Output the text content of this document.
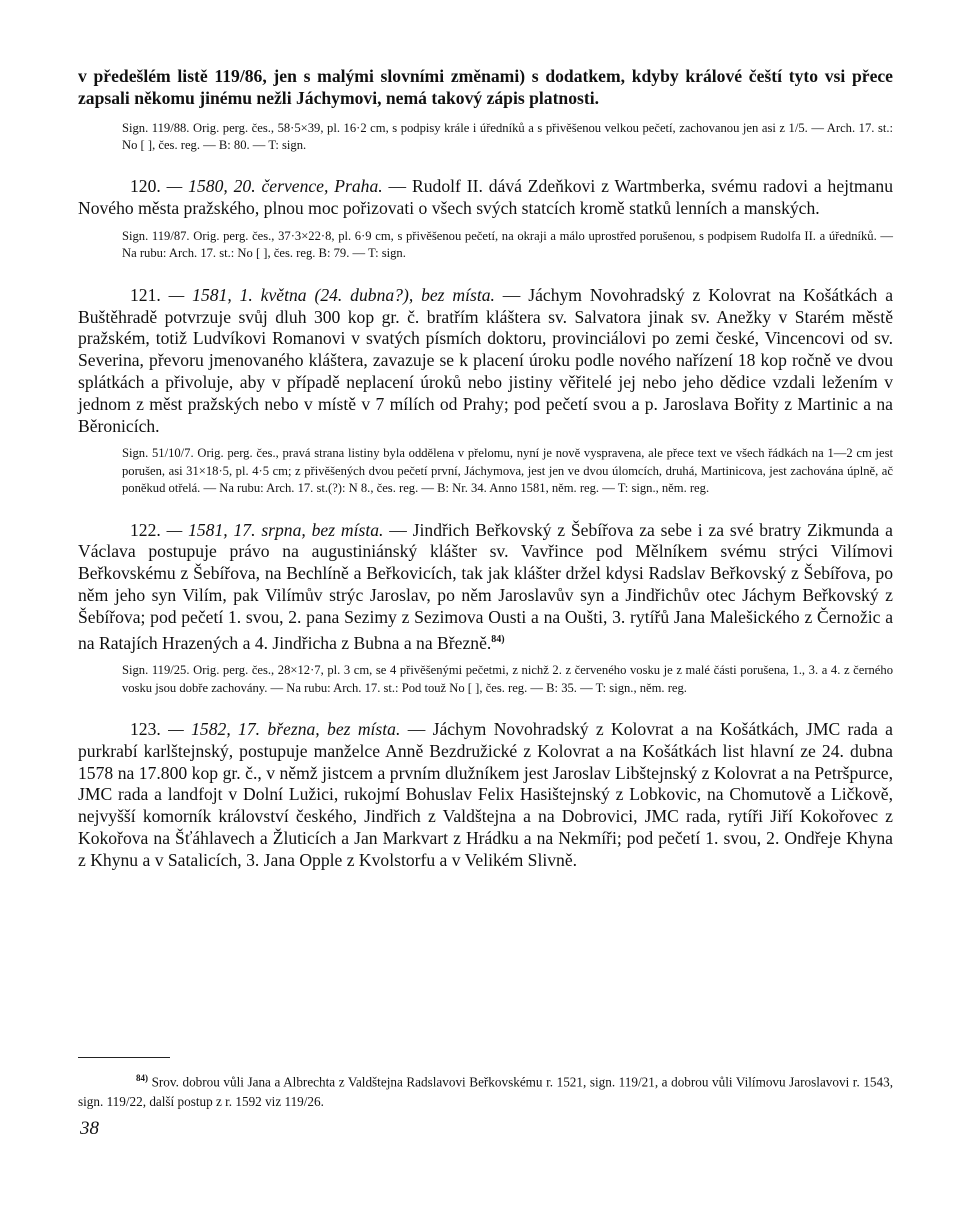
v předešlém listě 119/86, jen s malými slovními změnami) s dodatkem, kdyby králové čeští tyto vsi přece zapsali někomu jinému nežli Jáchymovi, nemá takový zápis platnosti.

Sign. 119/88. Orig. perg. čes., 58·5×39, pl. 16·2 cm, s podpisy krále i úředníků a s přivěšenou velkou pečetí, zachovanou jen asi z 1/5. — Arch. 17. st.: No [ ], čes. reg. — B: 80. — T: sign.

120. — 1580, 20. července, Praha. — Rudolf II. dává Zdeňkovi z Wartmberka, svému radovi a hejtmanu Nového města pražského, plnou moc pořizovati o všech svých statcích kromě statků lenních a manských.

Sign. 119/87. Orig. perg. čes., 37·3×22·8, pl. 6·9 cm, s přivěšenou pečetí, na okraji a málo uprostřed porušenou, s podpisem Rudolfa II. a úředníků. — Na rubu: Arch. 17. st.: No [ ], čes. reg. B: 79. — T: sign.

121. — 1581, 1. května (24. dubna?), bez místa. — Jáchym Novohradský z Kolovrat na Košátkách a Buštěhradě potvrzuje svůj dluh 300 kop gr. č. bratřím kláštera sv. Salvatora jinak sv. Anežky v Starém městě pražském, totiž Ludvíkovi Romanovi v svatých písmích doktoru, provinciálovi po zemi české, Vincencovi od sv. Severina, převoru jmenovaného kláštera, zavazuje se k placení úroku podle nového nařízení 18 kop ročně ve dvou splátkách a přivoluje, aby v případě neplacení úroků nebo jistiny věřitelé jej nebo jeho dědice vzdali ležením v jednom z měst pražských nebo v místě v 7 mílích od Prahy; pod pečetí svou a p. Jaroslava Bořity z Martinic a na Běronicích.

Sign. 51/10/7. Orig. perg. čes., pravá strana listiny byla oddělena v přelomu, nyní je nově vyspravena, ale přece text ve všech řádkách na 1—2 cm jest porušen, asi 31×18·5, pl. 4·5 cm; z přivěšených dvou pečetí první, Jáchymova, jest jen ve dvou úlomcích, druhá, Martinicova, jest zachována úplně, ač poněkud otřelá. — Na rubu: Arch. 17. st.(?): N 8., čes. reg. — B: Nr. 34. Anno 1581, něm. reg. — T: sign., něm. reg.

122. — 1581, 17. srpna, bez místa. — Jindřich Beřkovský z Šebířova za sebe i za své bratry Zikmunda a Václava postupuje právo na augustiniánský klášter sv. Vavřince pod Mělníkem svému strýci Vilímovi Beřkovskému z Šebířova, na Bechlíně a Beřkovicích, tak jak klášter držel kdysi Radslav Beřkovský z Šebířova, po něm jeho syn Vilím, pak Vilímův strýc Jaroslav, po něm Jaroslavův syn a Jindřichův otec Jáchym Beřkovský z Šebířova; pod pečetí 1. svou, 2. pana Sezimy z Sezimova Ousti a na Oušti, 3. rytířů Jana Malešického z Černožic a na Ratajích Hrazených a 4. Jindřicha z Bubna a na Březně.$^{84)}$

Sign. 119/25. Orig. perg. čes., 28×12·7, pl. 3 cm, se 4 přivěšenými pečetmi, z nichž 2. z červeného vosku je z malé části porušena, 1., 3. a 4. z černého vosku jsou dobře zachovány. — Na rubu: Arch. 17. st.: Pod touž No [ ], čes. reg. — B: 35. — T: sign., něm. reg.

123. — 1582, 17. března, bez místa. — Jáchym Novohradský z Kolovrat a na Košátkách, JMC rada a purkrabí karlštejnský, postupuje manželce Anně Bezdružické z Kolovrat a na Košátkách list hlavní ze 24. dubna 1578 na 17.800 kop gr. č., v němž jistcem a prvním dlužníkem jest Jaroslav Libštejnský z Kolovrat a na Petršpurce, JMC rada a landfojt v Dolní Lužici, rukojmí Bohuslav Felix Hasištejnský z Lobkovic, na Chomutově a Ličkově, nejvyšší komorník království českého, Jindřich z Valdštejna a na Dobrovici, JMC rada, rytíři Jiří Kokořovec z Kokořova na Šťáhlavech a Žluticích a Jan Markvart z Hrádku a na Nekmíři; pod pečetí 1. svou, 2. Ondřeje Khyna z Khynu a v Satalicích, 3. Jana Opple z Kvolstorfu a v Velikém Slivně.

$^{84)}$ Srov. dobrou vůli Jana a Albrechta z Valdštejna Radslavovi Beřkovskému r. 1521, sign. 119/21, a dobrou vůli Vilímovu Jaroslavovi r. 1543, sign. 119/22, další postup z r. 1592 viz 119/26.

38
